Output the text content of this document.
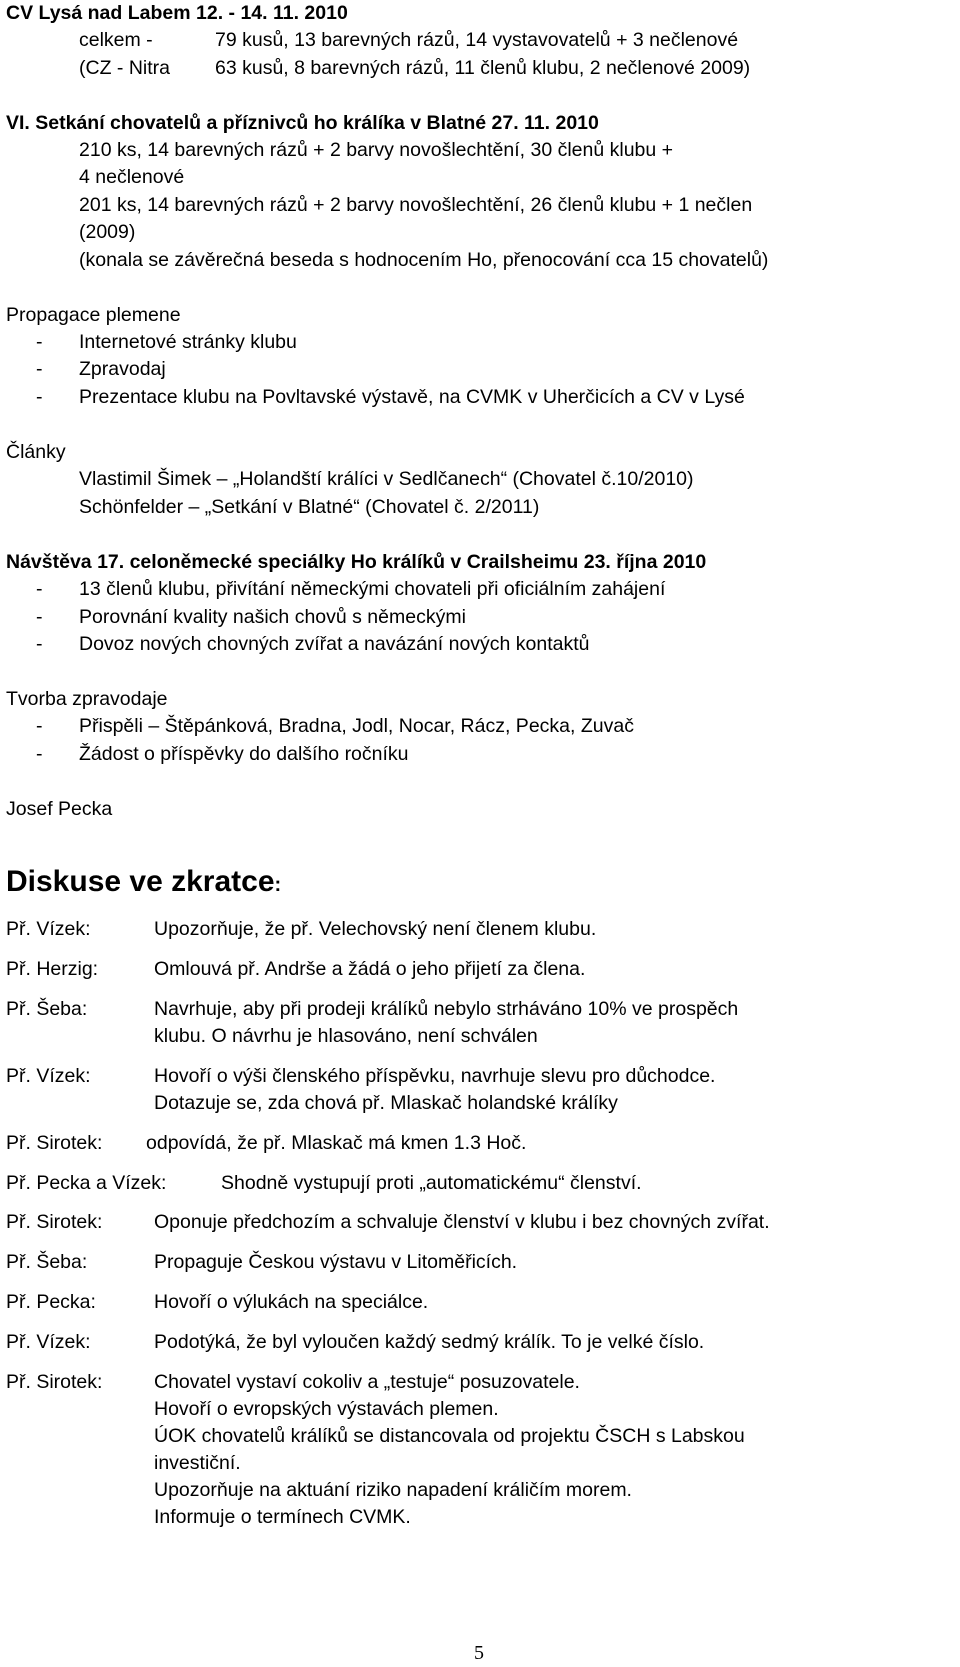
CV Lysá nad Labem 12. - 14. 11. 2010
celkem -	79 kusů, 13 barevných rázů, 14 vystavovatelů + 3 nečlenové
(CZ - Nitra 63 kusů, 8 barevných rázů, 11 členů klubu, 2 nečlenové 2009)
VI. Setkání chovatelů a příznivců ho králíka v Blatné 27. 11. 2010
210 ks, 14 barevných rázů + 2 barvy novošlechtění, 30 členů klubu +
4 nečlenové
201 ks, 14 barevných rázů + 2 barvy novošlechtění, 26 členů klubu + 1 nečlen
(2009)
(konala se závěrečná beseda s hodnocením Ho, přenocování cca 15 chovatelů)
Propagace plemene
- Internetové stránky klubu
- Zpravodaj
- Prezentace klubu na Povltavské výstavě, na CVMK v Uherčicích a CV v Lysé
Články
Vlastimil Šimek – „Holandští králíci v Sedlčanech“ (Chovatel č.10/2010)
Schönfelder – „Setkání v Blatné“ (Chovatel č. 2/2011)
Návštěva 17. celoněmecké speciálky Ho králíků v Crailsheimu 23. října 2010
- 13 členů klubu, přivítání německými chovateli při oficiálním zahájení
- Porovnání kvality našich chovů s německými
- Dovoz nových chovných zvířat a navázání nových kontaktů
Tvorba zpravodaje
- Přispěli – Štěpánková, Bradna, Jodl, Nocar, Rácz, Pecka, Zuvač
- Žádost o příspěvky do dalšího ročníku
Josef Pecka
Diskuse ve zkratce:
Př. Vízek:	Upozorňuje, že př. Velechovský není členem klubu.
Př. Herzig:	Omlouvá př. Andrše a žádá o jeho přijetí za člena.
Př. Šeba:	Navrhuje, aby při prodeji králíků nebylo strháváno 10% ve prospěch
klubu. O návrhu je hlasováno, není schválen
Př. Vízek:	Hovoří o výši členského příspěvku, navrhuje slevu pro důchodce.
Dotazuje se, zda chová př. Mlaskač holandské králíky
Př. Sirotek: odpovídá, že př. Mlaskač má kmen 1.3 Hoč.
Př. Pecka a Vízek:	Shodně vystupují proti „automatickému“ členství.
Př. Sirotek:	Oponuje předchozím a schvaluje členství v klubu i bez chovných zvířat.
Př. Šeba:	Propaguje Českou výstavu v Litoměřicích.
Př. Pecka:	Hovoří o výlukách na speciálce.
Př. Vízek:	Podotýká, že byl vyloučen každý sedmý králík. To je velké číslo.
Př. Sirotek:	Chovatel vystaví cokoliv a „testuje“ posuzovatele.
Hovoří o evropských výstavách plemen.
ÚOK chovatelů králíků se distancovala od projektu ČSCH s Labskou
investiční.
Upozorňuje na aktuání riziko napadení králičím morem.
Informuje o termínech CVMK.
5
